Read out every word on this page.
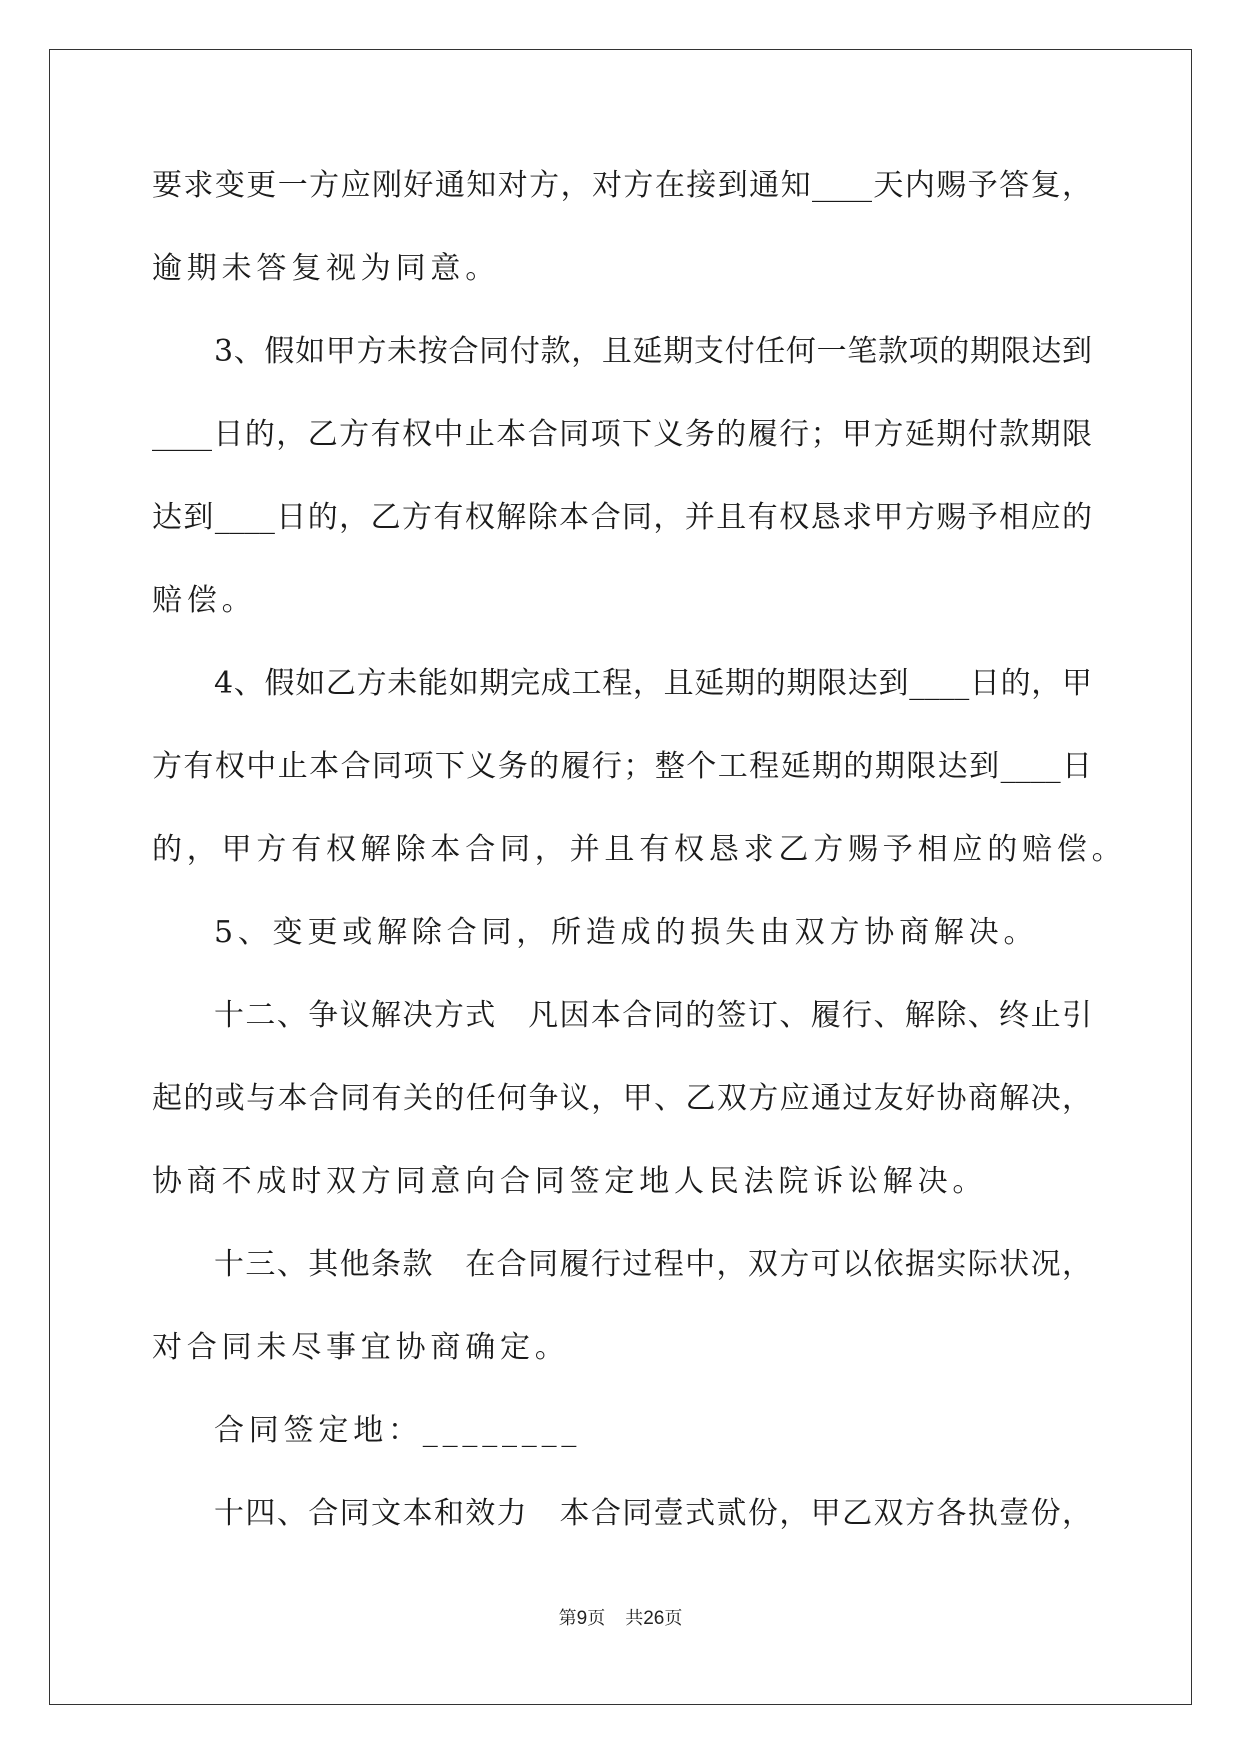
要求变更一方应刚好通知对方，对方在接到通知____天内赐予答复，
逾期未答复视为同意。
3、假如甲方未按合同付款，且延期支付任何一笔款项的期限达到
____日的，乙方有权中止本合同项下义务的履行；甲方延期付款期限
达到____日的，乙方有权解除本合同，并且有权恳求甲方赐予相应的
赔偿。
4、假如乙方未能如期完成工程，且延期的期限达到____日的，甲
方有权中止本合同项下义务的履行；整个工程延期的期限达到____日
的，甲方有权解除本合同，并且有权恳求乙方赐予相应的赔偿。
5、变更或解除合同，所造成的损失由双方协商解决。
十二、争议解决方式　凡因本合同的签订、履行、解除、终止引
起的或与本合同有关的任何争议，甲、乙双方应通过友好协商解决，
协商不成时双方同意向合同签定地人民法院诉讼解决。
十三、其他条款　在合同履行过程中，双方可以依据实际状况，
对合同未尽事宜协商确定。
合同签定地：________
十四、合同文本和效力　本合同壹式贰份，甲乙双方各执壹份，
第9页 共26页
